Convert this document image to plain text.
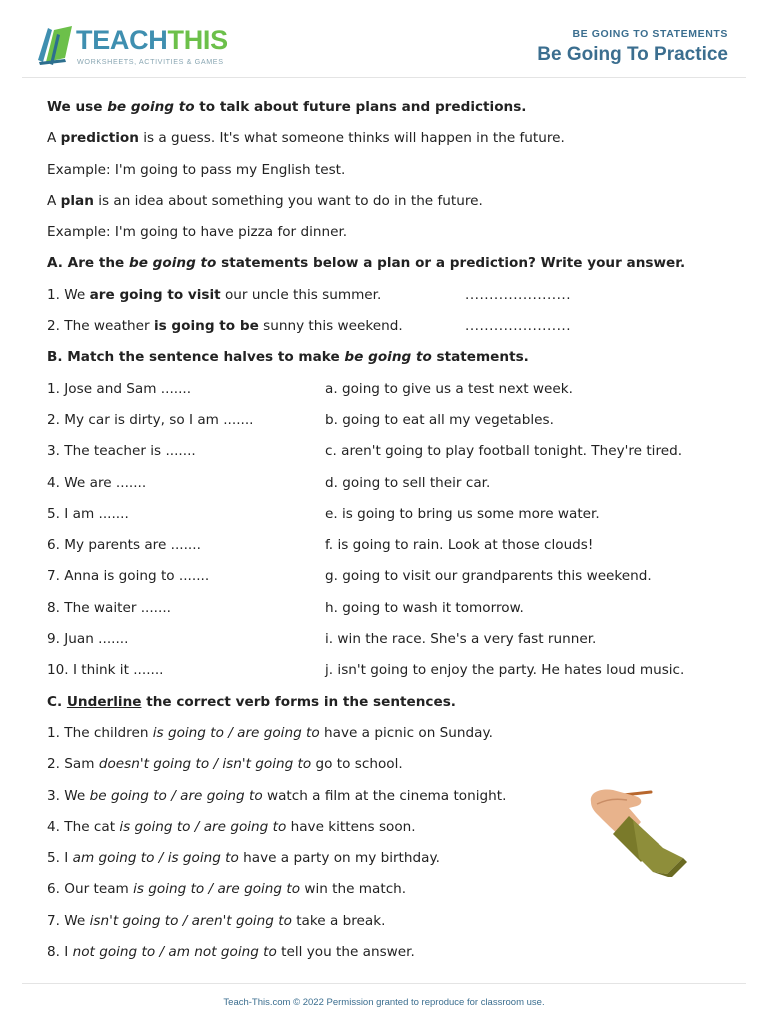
TEACHTHIS
WORKSHEETS, ACTIVITIES & GAMES
BE GOING TO STATEMENTS
Be Going To Practice
We use be going to to talk about future plans and predictions.
A prediction is a guess. It's what someone thinks will happen in the future.
Example: I'm going to pass my English test.
A plan is an idea about something you want to do in the future.
Example: I'm going to have pizza for dinner.
A. Are the be going to statements below a plan or a prediction? Write your answer.
1. We are going to visit our uncle this summer.	......................
2. The weather is going to be sunny this weekend.	......................
B. Match the sentence halves to make be going to statements.
1. Jose and Sam .......	a. going to give us a test next week.
2. My car is dirty, so I am .......	b. going to eat all my vegetables.
3. The teacher is .......	c. aren't going to play football tonight. They're tired.
4. We are .......	d. going to sell their car.
5. I am .......	e. is going to bring us some more water.
6. My parents are .......	f. is going to rain. Look at those clouds!
7. Anna is going to .......	g. going to visit our grandparents this weekend.
8. The waiter .......	h. going to wash it tomorrow.
9. Juan .......	i. win the race. She's a very fast runner.
10. I think it .......	j. isn't going to enjoy the party. He hates loud music.
C. Underline the correct verb forms in the sentences.
1. The children is going to / are going to have a picnic on Sunday.
2. Sam doesn't going to / isn't going to go to school.
3. We be going to / are going to watch a film at the cinema tonight.
4. The cat is going to / are going to have kittens soon.
5. I am going to / is going to have a party on my birthday.
6. Our team is going to / are going to win the match.
7. We isn't going to / aren't going to take a break.
8. I not going to / am not going to tell you the answer.
Teach-This.com © 2022 Permission granted to reproduce for classroom use.
